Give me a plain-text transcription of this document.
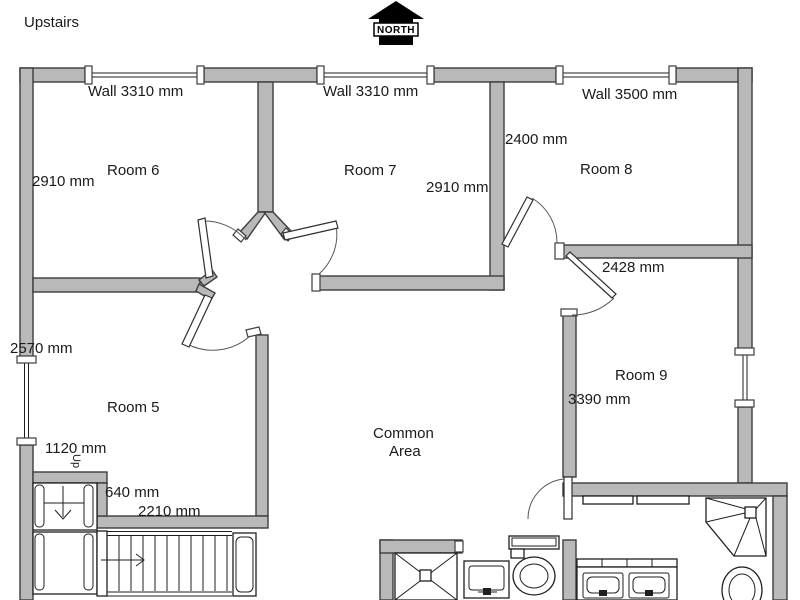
Upstairs	NORTH
Room 6	Room 7	Room 8
Room 9
Room 5
Common
Area
Wall 3310 mm	Wall 3310 mm	Wall 3500 mm
2400 mm
2910 mm	2910 mm
2428 mm
2570 mm
3390 mm
1120 mm
640 mm
2210 mm
Up
